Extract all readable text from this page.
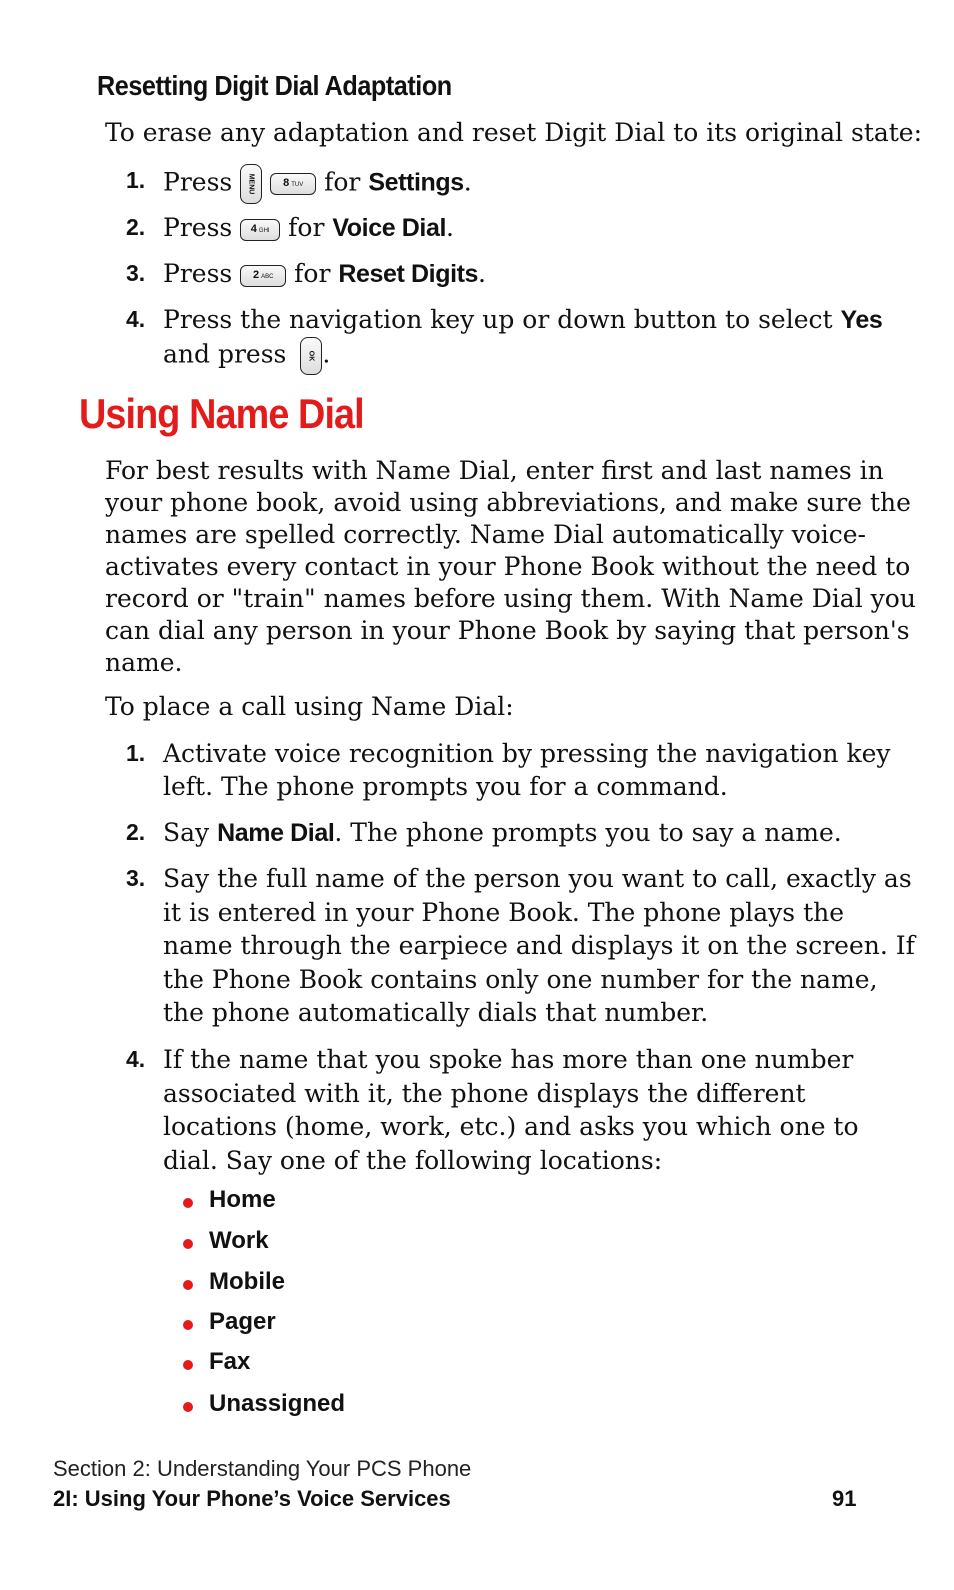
Resetting Digit Dial Adaptation
To erase any adaptation and reset Digit Dial to its original state:
1. Press	MENU	8 TUV for Settings.
2. Press 4 GHI for Voice Dial.
3. Press 2 ABC for Reset Digits.
4. Press the navigation key up or down button to select Yes
and press	OK .
Using Name Dial
For best results with Name Dial, enter first and last names in
your phone book, avoid using abbreviations, and make sure the
names are spelled correctly. Name Dial automatically voice-
activates every contact in your Phone Book without the need to
record or "train" names before using them. With Name Dial you
can dial any person in your Phone Book by saying that person's
name.
To place a call using Name Dial:
1. Activate voice recognition by pressing the navigation key
left. The phone prompts you for a command.
2. Say Name Dial. The phone prompts you to say a name.
3. Say the full name of the person you want to call, exactly as
it is entered in your Phone Book. The phone plays the
name through the earpiece and displays it on the screen. If
the Phone Book contains only one number for the name,
the phone automatically dials that number.
4. If the name that you spoke has more than one number
associated with it, the phone displays the different
locations (home, work, etc.) and asks you which one to
dial. Say one of the following locations:
Home
Work
Mobile
Pager
Fax
Unassigned
Section 2: Understanding Your PCS Phone
2I: Using Your Phone’s Voice Services	91
